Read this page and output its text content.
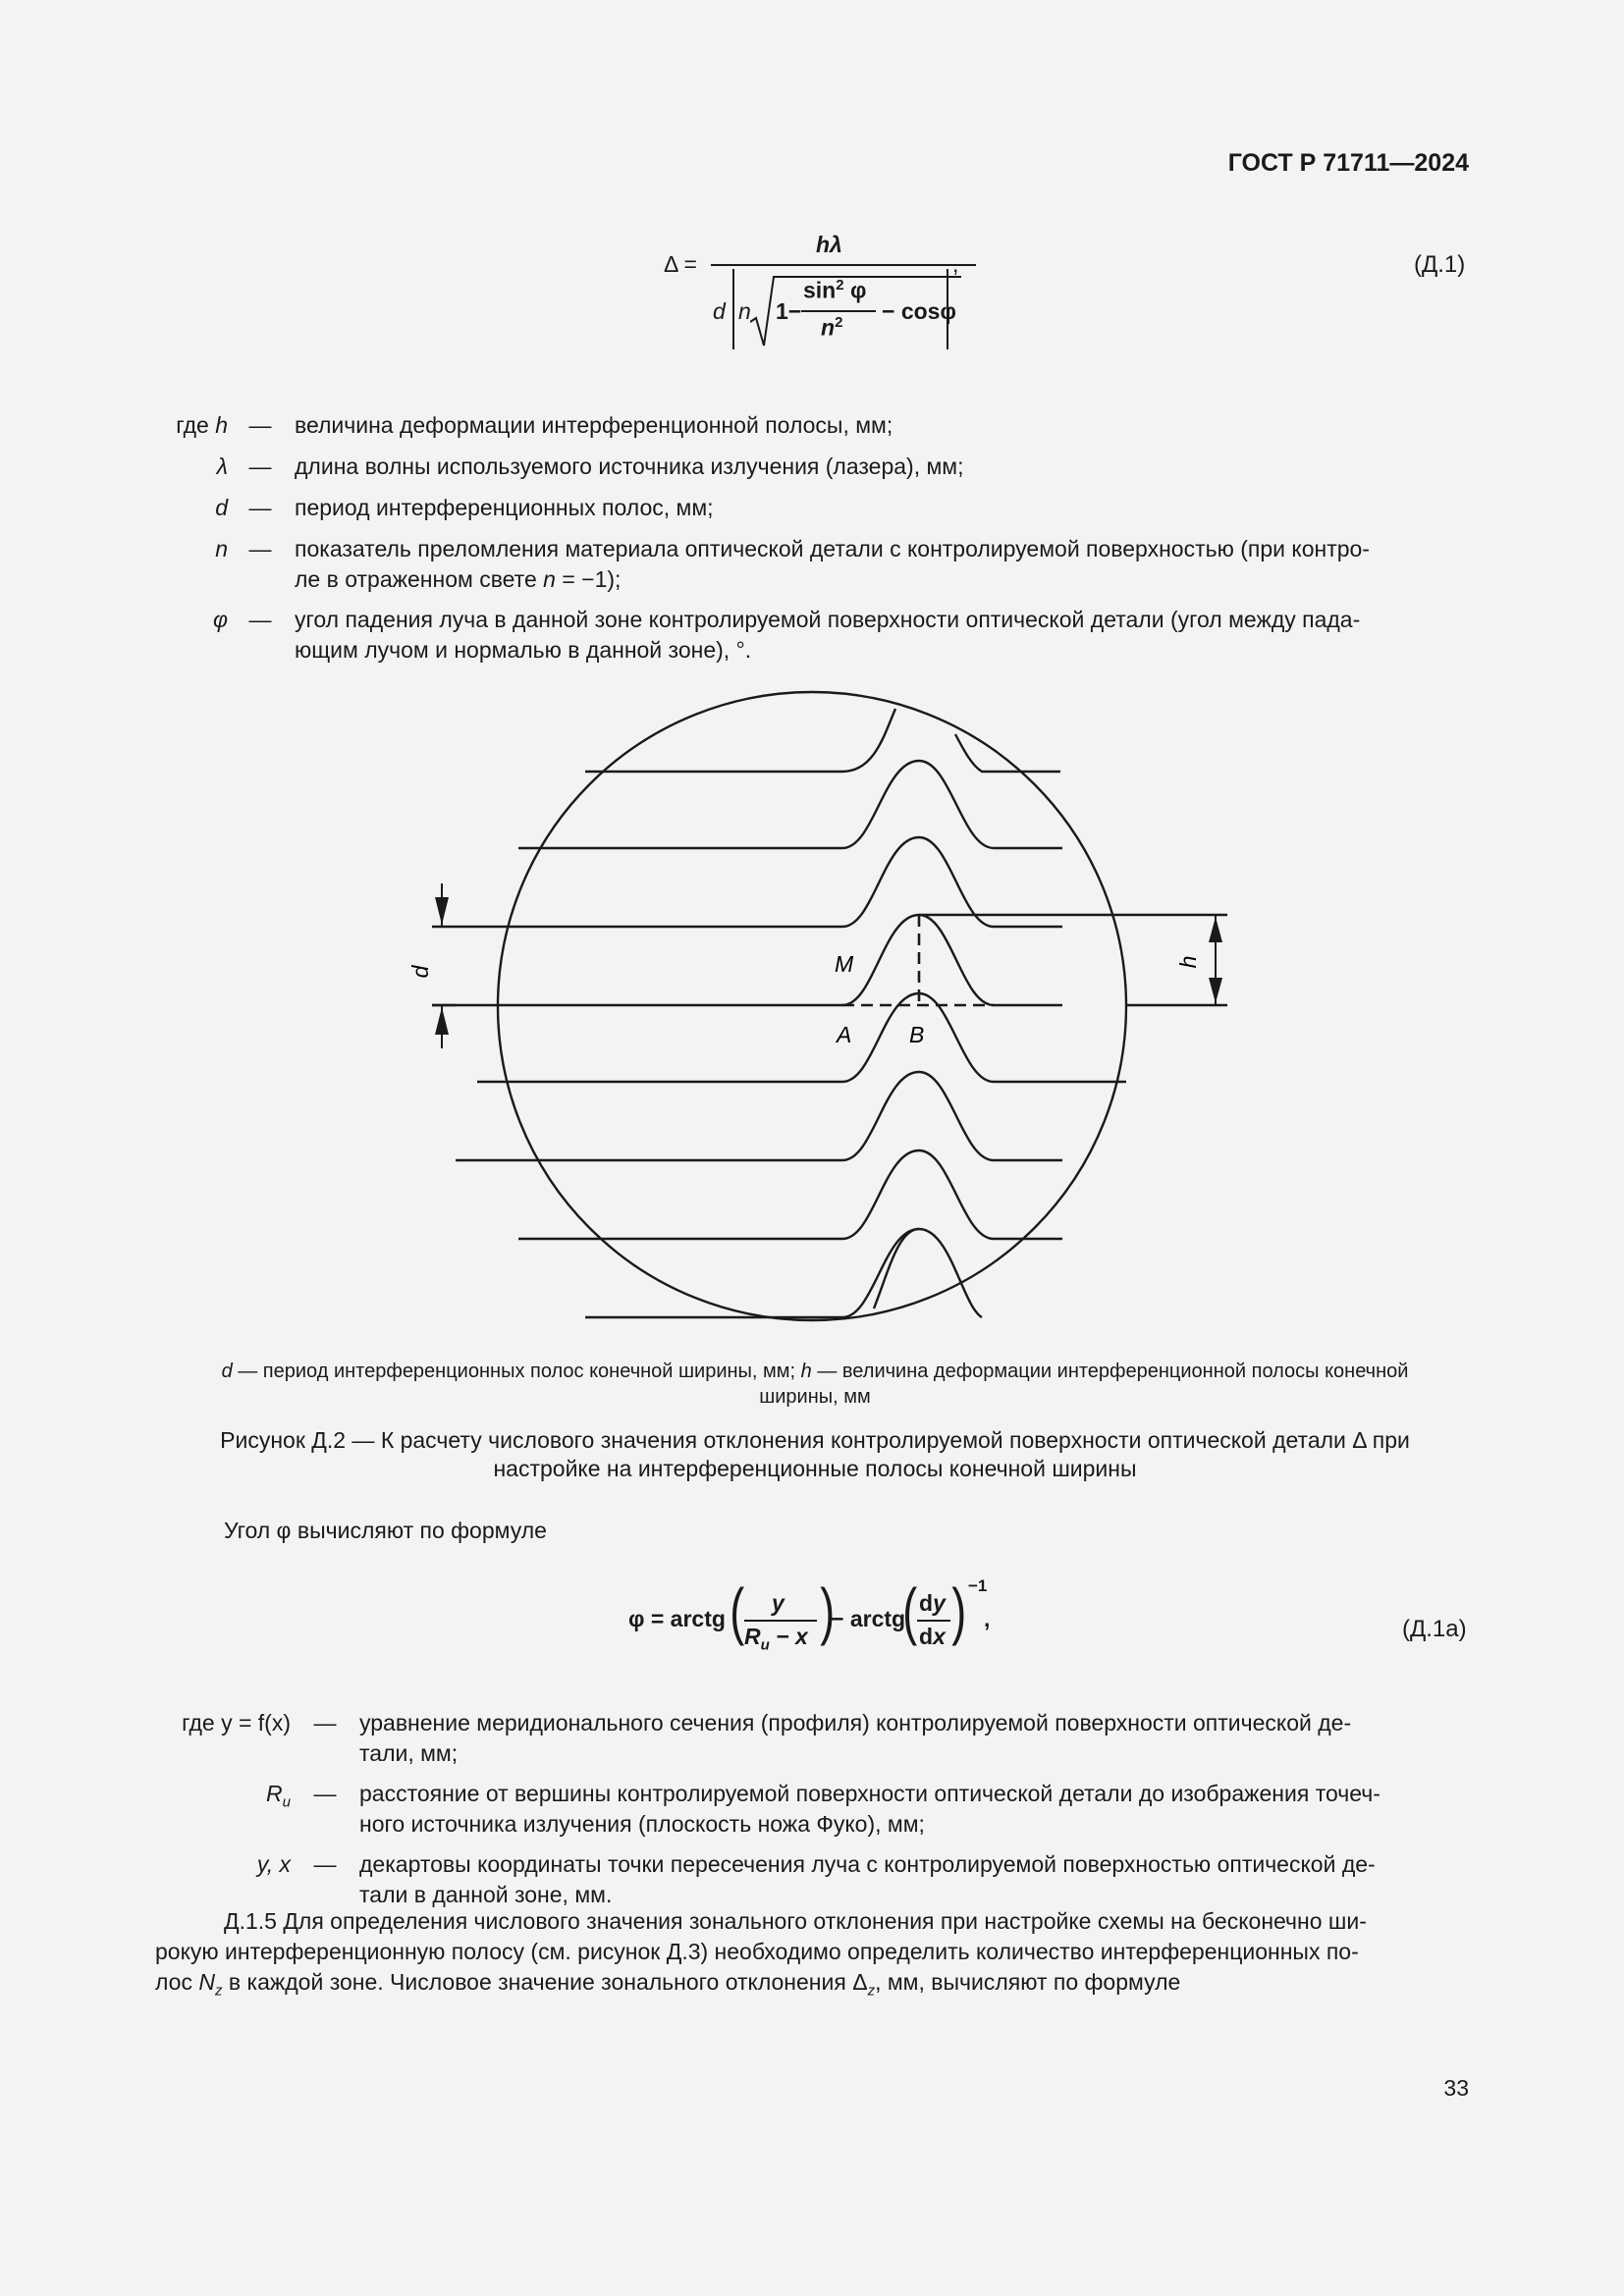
ГОСТ Р 71711—2024
Δ =
hλ
d n 1−
$\sin^2 \varphi$
$n^2 - \cos\varphi$
,	(Д.1)
где h — величина деформации интерференционной полосы, мм;
λ — длина волны используемого источника излучения (лазера), мм;
d — период интерференционных полос, мм;
n — показатель преломления материала оптической детали с контролируемой поверхностью (при контро-
ле в отраженном свете n = −1);
φ — угол падения луча в данной зоне контролируемой поверхности оптической детали (угол между пада-
ющим лучом и нормалью в данной зоне), °.
d
h
M
A	B
d — период интерференционных полос конечной ширины, мм; h — величина деформации интерференционной полосы конечной
ширины, мм
Рисунок Д.2 — К расчету числового значения отклонения контролируемой поверхности оптической детали Δ при
настройке на интерференционные полосы конечной ширины
Угол φ вычисляют по формуле
φ = arctg ( y
$R_u - x$ )
− arctg
( dy
dx ) −1
,	(Д.1а)
где y = f(x) — уравнение меридионального сечения (профиля) контролируемой поверхности оптической де-
тали, мм;
$R_u$ — расстояние от вершины контролируемой поверхности оптической детали до изображения точеч-
ного источника излучения (плоскость ножа Фуко), мм;
y, x — декартовы координаты точки пересечения луча с контролируемой поверхностью оптической де-
тали в данной зоне, мм.
Д.1.5 Для определения числового значения зонального отклонения при настройке схемы на бесконечно ши-
рокую интерференционную полосу (см. рисунок Д.3) необходимо определить количество интерференционных по-
лос $N_z$ в каждой зоне. Числовое значение зонального отклонения $\Delta_z$, мм, вычисляют по формуле
33
